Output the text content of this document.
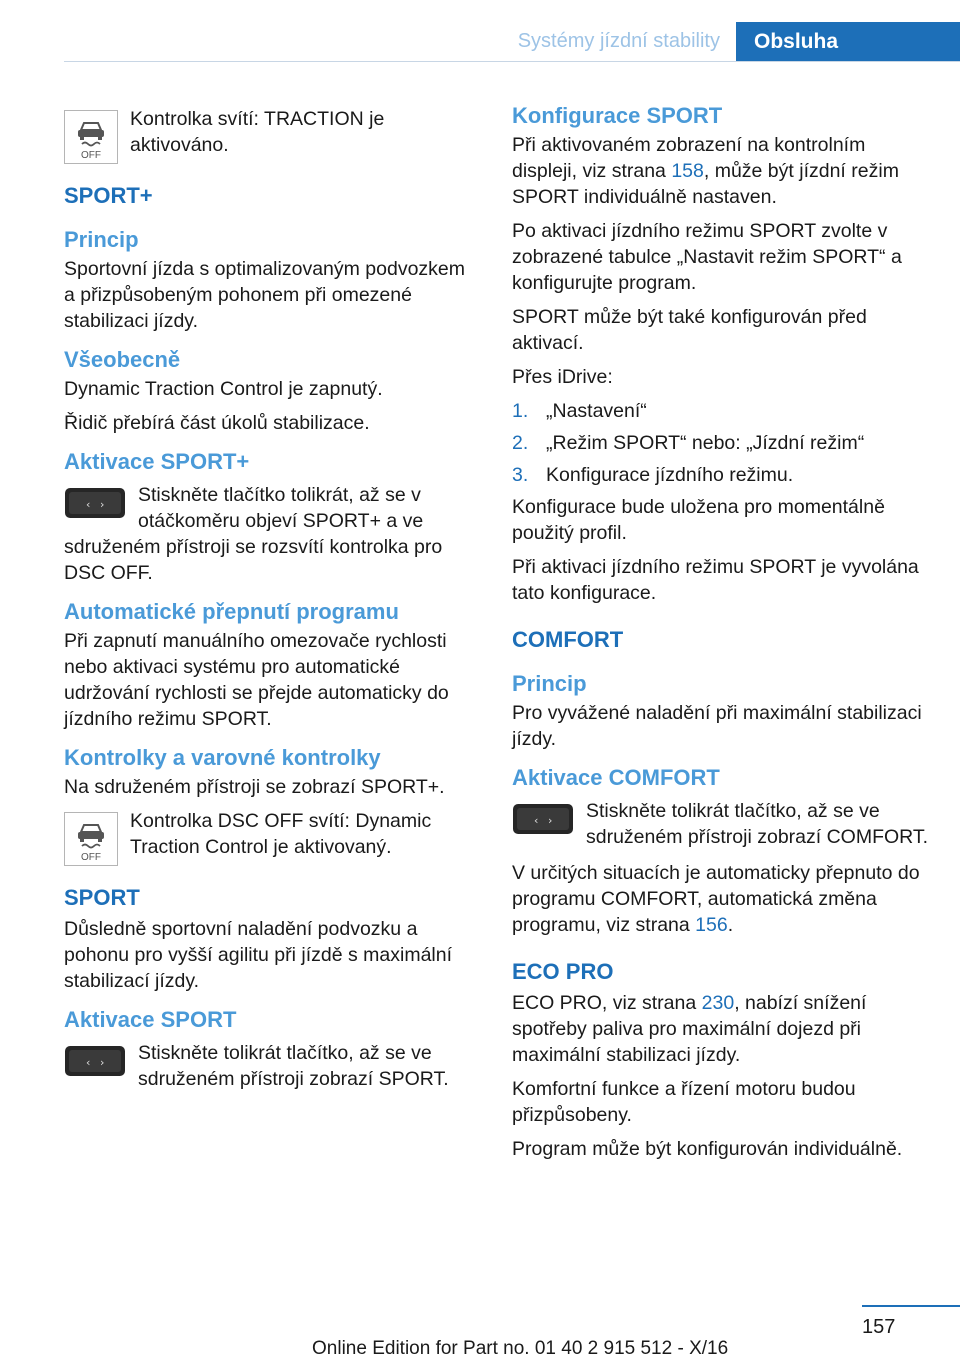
Systémy jízdní stability	Obsluha
OFF
Kontrolka svítí: TRACTION je aktivováno.
SPORT+
Princip

Sportovní jízda s optimalizovaným podvozkem a přizpůsobeným pohonem při omezené stabilizaci jízdy.

Všeobecně

Dynamic Traction Control je zapnutý.

Řidič přebírá část úkolů stabilizace.

Aktivace SPORT+

‹ › Stiskněte tlačítko tolikrát, až se v otáčkoměru objeví SPORT+ a ve sdruženém přístroji se rozsvítí kontrolka pro DSC OFF.

Automatické přepnutí programu

Při zapnutí manuálního omezovače rychlosti nebo aktivaci systému pro automatické udržování rychlosti se přejde automaticky do jízdního režimu SPORT.

Kontrolky a varovné kontrolky

Na sdruženém přístroji se zobrazí SPORT+.

OFF
Kontrolka DSC OFF svítí: Dynamic Traction Control je aktivovaný.
SPORT

Důsledně sportovní naladění podvozku a pohonu pro vyšší agilitu při jízdě s maximální stabilizací jízdy.

Aktivace SPORT

‹ › Stiskněte tolikrát tlačítko, až se ve sdruženém přístroji zobrazí SPORT.

Konfigurace SPORT

Při aktivovaném zobrazení na kontrolním displeji, viz strana 158, může být jízdní režim SPORT individuálně nastaven.

Po aktivaci jízdního režimu SPORT zvolte v zobrazené tabulce „Nastavit režim SPORT“ a konfigurujte program.

SPORT může být také konfigurován před aktivací.

Přes iDrive:

1. „Nastavení“
2. „Režim SPORT“ nebo: „Jízdní režim“
3. Konfigurace jízdního režimu.

Konfigurace bude uložena pro momentálně použitý profil.

Při aktivaci jízdního režimu SPORT je vyvolána tato konfigurace.

COMFORT
Princip

Pro vyvážené naladění při maximální stabilizaci jízdy.

Aktivace COMFORT

‹ › Stiskněte tolikrát tlačítko, až se ve sdruženém přístroji zobrazí COMFORT.

V určitých situacích je automaticky přepnuto do programu COMFORT, automatická změna programu, viz strana 156.

ECO PRO

ECO PRO, viz strana 230, nabízí snížení spotřeby paliva pro maximální dojezd při maximální stabilizaci jízdy.

Komfortní funkce a řízení motoru budou přizpůsobeny.

Program může být konfigurován individuálně.

157
Online Edition for Part no. 01 40 2 915 512 - X/16
